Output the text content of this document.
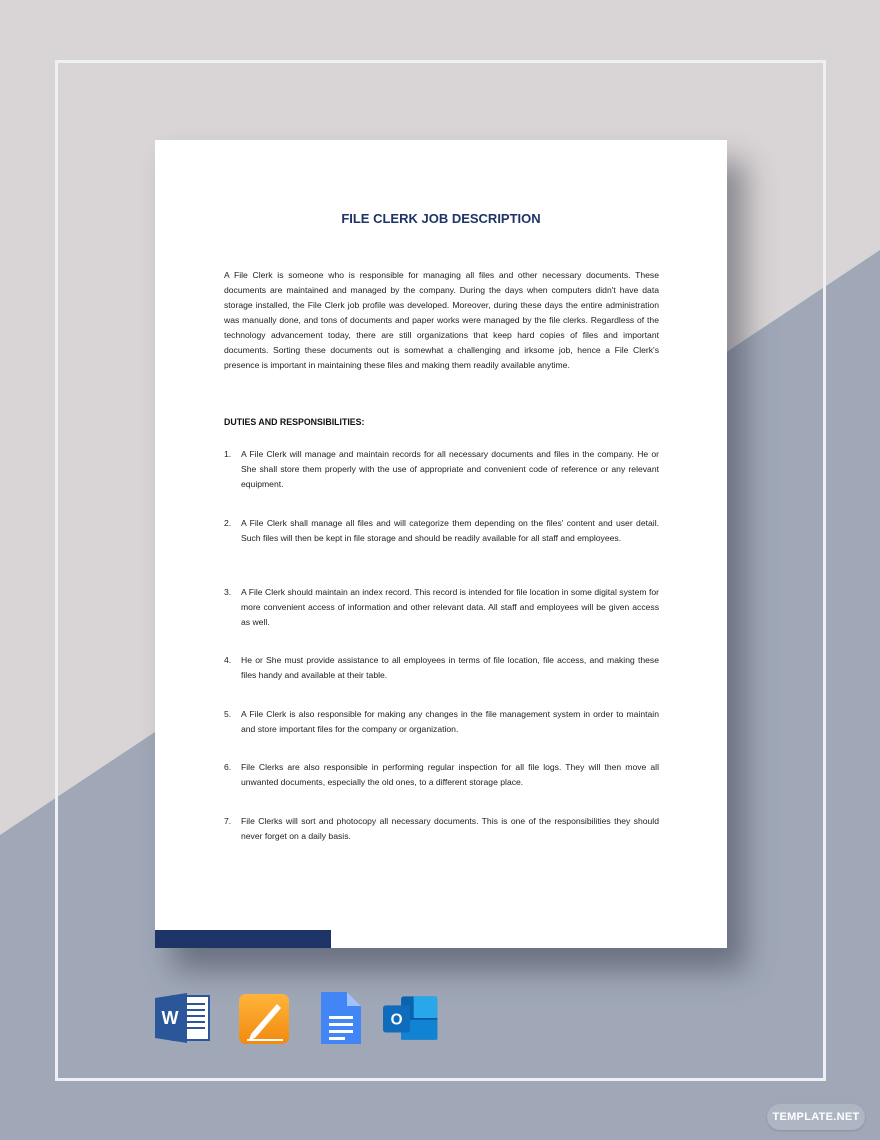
FILE CLERK JOB DESCRIPTION

A File Clerk is someone who is responsible for managing all files and other necessary documents. These documents are maintained and managed by the company. During the days when computers didn't have data storage installed, the File Clerk job profile was developed. Moreover, during these days the entire administration was manually done, and tons of documents and paper works were managed by the file clerks. Regardless of the technology advancement today, there are still organizations that keep hard copies of files and important documents. Sorting these documents out is somewhat a challenging and irksome job, hence a File Clerk's presence is important in maintaining these files and making them readily available anytime.

DUTIES AND RESPONSIBILITIES:
1. A File Clerk will manage and maintain records for all necessary documents and files in the company. He or She shall store them properly with the use of appropriate and convenient code of reference or any relevant equipment.
2. A File Clerk shall manage all files and will categorize them depending on the files' content and user detail. Such files will then be kept in file storage and should be readily available for all staff and employees.
3. A File Clerk should maintain an index record. This record is intended for file location in some digital system for more convenient access of information and other relevant data. All staff and employees will be given access as well.
4. He or She must provide assistance to all employees in terms of file location, file access, and making these files handy and available at their table.
5. A File Clerk is also responsible for making any changes in the file management system in order to maintain and store important files for the company or organization.
6. File Clerks are also responsible in performing regular inspection for all file logs. They will then move all unwanted documents, especially the old ones, to a different storage place.
7. File Clerks will sort and photocopy all necessary documents. This is one of the responsibilities they should never forget on a daily basis.
W	O
TEMPLATE.NET
